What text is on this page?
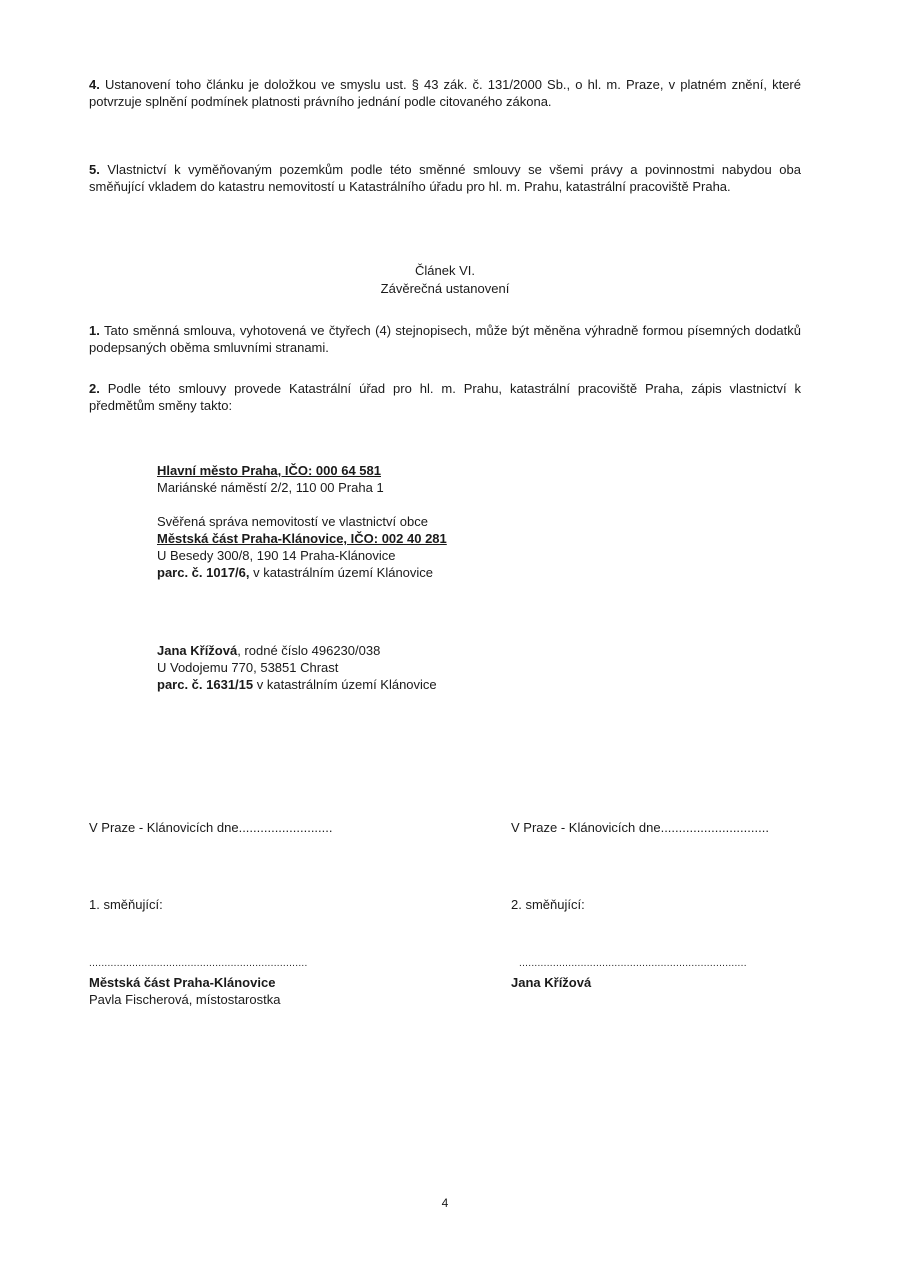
4. Ustanovení toho článku je doložkou ve smyslu ust. § 43 zák. č. 131/2000 Sb., o hl. m. Praze, v platném znění, které potvrzuje splnění podmínek platnosti právního jednání podle citovaného zákona.
5. Vlastnictví k vyměňovaným pozemkům podle této směnné smlouvy se všemi právy a povinnostmi nabydou oba směňující vkladem do katastru nemovitostí u Katastrálního úřadu pro hl. m. Prahu, katastrální pracoviště Praha.
Článek VI.
Závěrečná ustanovení
1. Tato směnná smlouva, vyhotovená ve čtyřech (4) stejnopisech, může být měněna výhradně formou písemných dodatků podepsaných oběma smluvními stranami.
2. Podle této smlouvy provede Katastrální úřad pro hl. m. Prahu, katastrální pracoviště Praha, zápis vlastnictví k předmětům směny takto:
Hlavní město Praha, IČO: 000 64 581
Mariánské náměstí 2/2, 110 00 Praha 1
Svěřená správa nemovitostí ve vlastnictví obce
Městská část Praha-Klánovice, IČO: 002 40 281
U Besedy 300/8, 190 14 Praha-Klánovice
parc. č. 1017/6, v katastrálním území Klánovice
Jana Křížová, rodné číslo 496230/038
U Vodojemu 770, 53851 Chrast
parc. č. 1631/15 v katastrálním území Klánovice
V Praze - Klánovicích dne..........................	V Praze - Klánovicích dne..............................
1. směňující:	2. směňující:
.......................................................................	..........................................................................
Městská část Praha-Klánovice
Pavla Fischerová, místostarostka
Jana Křížová
4
